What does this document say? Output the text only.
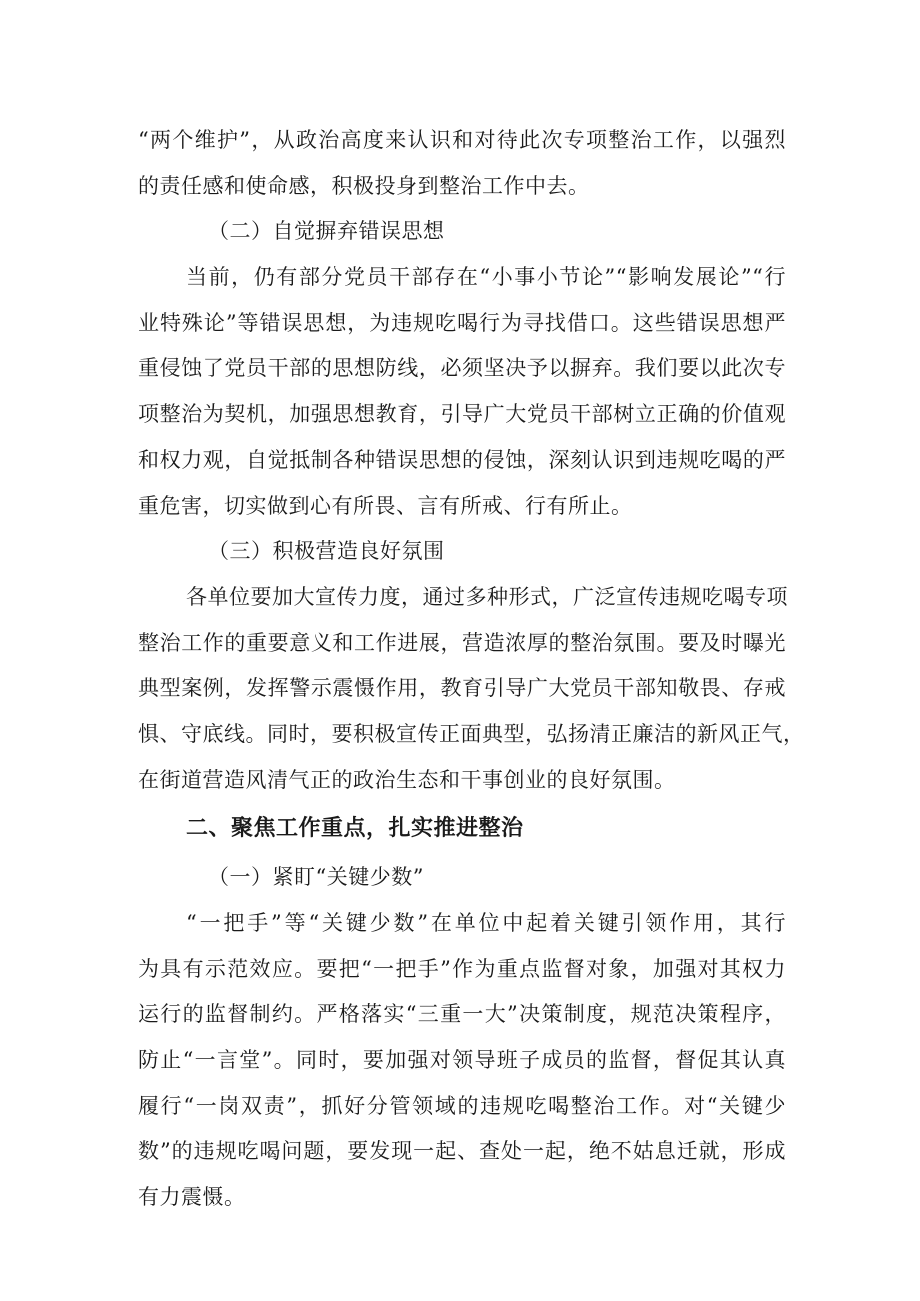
“两个维护”，从政治高度来认识和对待此次专项整治工作，以强烈
的责任感和使命感，积极投身到整治工作中去。
（二）自觉摒弃错误思想
当前，仍有部分党员干部存在“小事小节论”“影响发展论”“行
业特殊论”等错误思想，为违规吃喝行为寻找借口。这些错误思想严
重侵蚀了党员干部的思想防线，必须坚决予以摒弃。我们要以此次专
项整治为契机，加强思想教育，引导广大党员干部树立正确的价值观
和权力观，自觉抵制各种错误思想的侵蚀，深刻认识到违规吃喝的严
重危害，切实做到心有所畏、言有所戒、行有所止。
（三）积极营造良好氛围
各单位要加大宣传力度，通过多种形式，广泛宣传违规吃喝专项
整治工作的重要意义和工作进展，营造浓厚的整治氛围。要及时曝光
典型案例，发挥警示震慑作用，教育引导广大党员干部知敬畏、存戒
惧、守底线。同时，要积极宣传正面典型，弘扬清正廉洁的新风正气，
在街道营造风清气正的政治生态和干事创业的良好氛围。
二、聚焦工作重点，扎实推进整治
（一）紧盯“关键少数”
“一把手”等“关键少数”在单位中起着关键引领作用，其行
为具有示范效应。要把“一把手”作为重点监督对象，加强对其权力
运行的监督制约。严格落实“三重一大”决策制度，规范决策程序，
防止“一言堂”。同时，要加强对领导班子成员的监督，督促其认真
履行“一岗双责”，抓好分管领域的违规吃喝整治工作。对“关键少
数”的违规吃喝问题，要发现一起、查处一起，绝不姑息迁就，形成
有力震慑。
